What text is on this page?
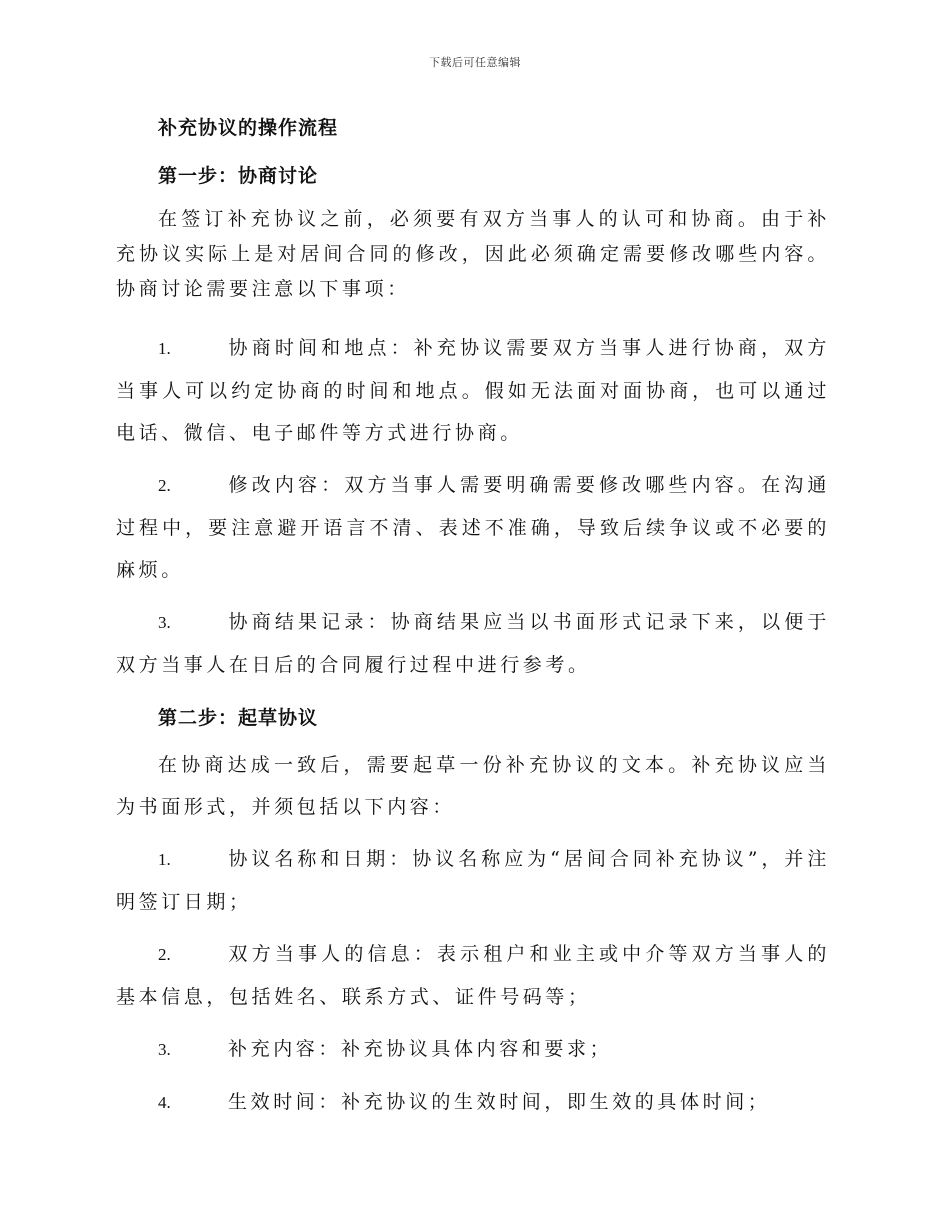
下载后可任意编辑
补充协议的操作流程
第一步：协商讨论

在签订补充协议之前，必须要有双方当事人的认可和协商。由于补充协议实际上是对居间合同的修改，因此必须确定需要修改哪些内容。协商讨论需要注意以下事项：

1.	协商时间和地点：补充协议需要双方当事人进行协商，双方当事人可以约定协商的时间和地点。假如无法面对面协商，也可以通过电话、微信、电子邮件等方式进行协商。

2.	修改内容：双方当事人需要明确需要修改哪些内容。在沟通过程中，要注意避开语言不清、表述不准确，导致后续争议或不必要的麻烦。

3.	协商结果记录：协商结果应当以书面形式记录下来，以便于双方当事人在日后的合同履行过程中进行参考。

第二步：起草协议

在协商达成一致后，需要起草一份补充协议的文本。补充协议应当为书面形式，并须包括以下内容：

1.	协议名称和日期：协议名称应为“居间合同补充协议”，并注明签订日期；

2.	双方当事人的信息：表示租户和业主或中介等双方当事人的基本信息，包括姓名、联系方式、证件号码等；

3.	补充内容：补充协议具体内容和要求；

4.	生效时间：补充协议的生效时间，即生效的具体时间；
